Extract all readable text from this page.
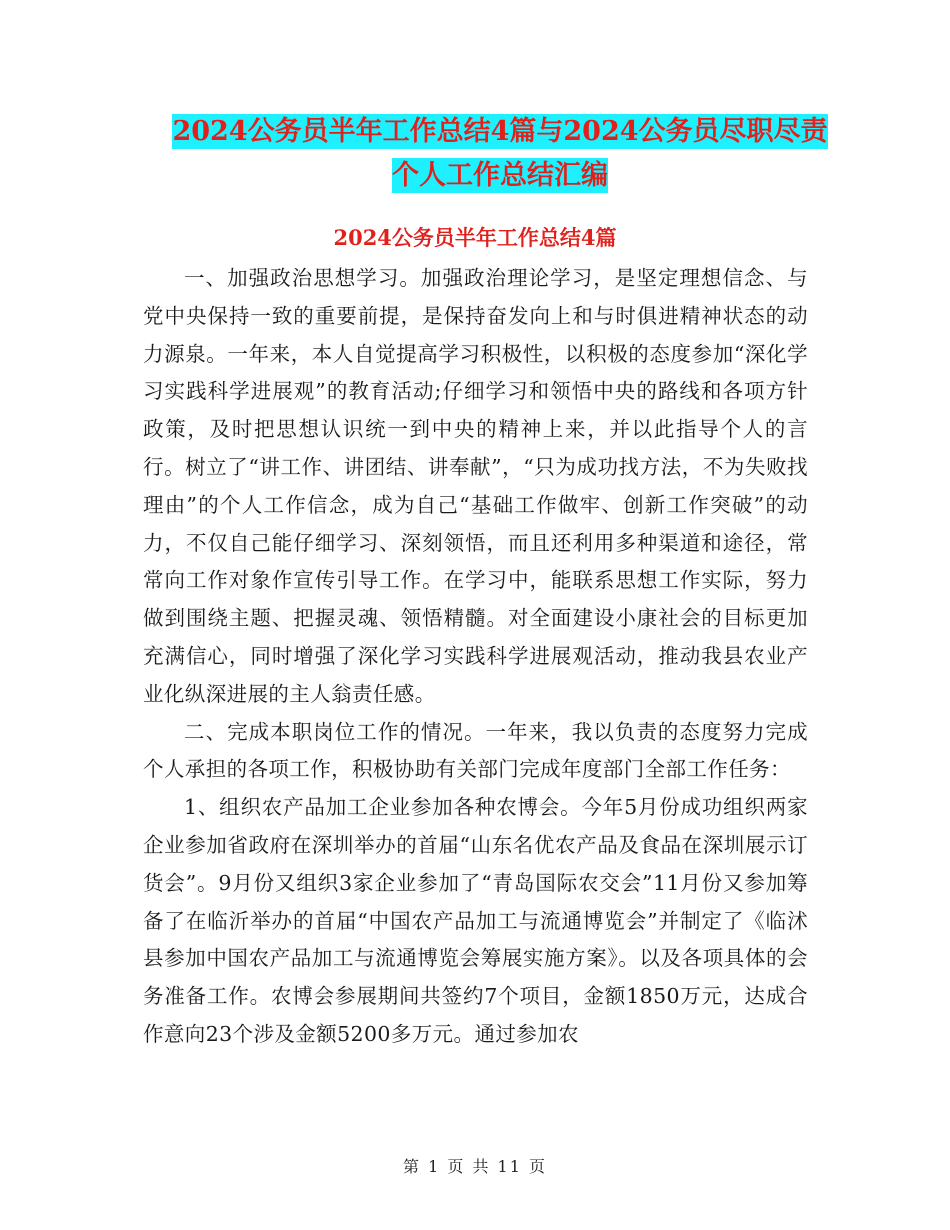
2024公务员半年工作总结4篇与2024公务员尽职尽责
个人工作总结汇编
2024公务员半年工作总结4篇

一、加强政治思想学习。加强政治理论学习，是坚定理想信念、与党中央保持一致的重要前提，是保持奋发向上和与时俱进精神状态的动力源泉。一年来，本人自觉提高学习积极性，以积极的态度参加“深化学习实践科学进展观”的教育活动;仔细学习和领悟中央的路线和各项方针政策，及时把思想认识统一到中央的精神上来，并以此指导个人的言行。树立了“讲工作、讲团结、讲奉献”，“只为成功找方法，不为失败找理由”的个人工作信念，成为自己“基础工作做牢、创新工作突破”的动力，不仅自己能仔细学习、深刻领悟，而且还利用多种渠道和途径，常常向工作对象作宣传引导工作。在学习中，能联系思想工作实际，努力做到围绕主题、把握灵魂、领悟精髓。对全面建设小康社会的目标更加充满信心，同时增强了深化学习实践科学进展观活动，推动我县农业产业化纵深进展的主人翁责任感。

二、完成本职岗位工作的情况。一年来，我以负责的态度努力完成个人承担的各项工作，积极协助有关部门完成年度部门全部工作任务：

1、组织农产品加工企业参加各种农博会。今年5月份成功组织两家企业参加省政府在深圳举办的首届“山东名优农产品及食品在深圳展示订货会”。9月份又组织3家企业参加了“青岛国际农交会”11月份又参加筹备了在临沂举办的首届“中国农产品加工与流通博览会”并制定了《临沭县参加中国农产品加工与流通博览会筹展实施方案》。以及各项具体的会务准备工作。农博会参展期间共签约7个项目，金额1850万元，达成合作意向23个涉及金额5200多万元。通过参加农

第 1 页 共 11 页
